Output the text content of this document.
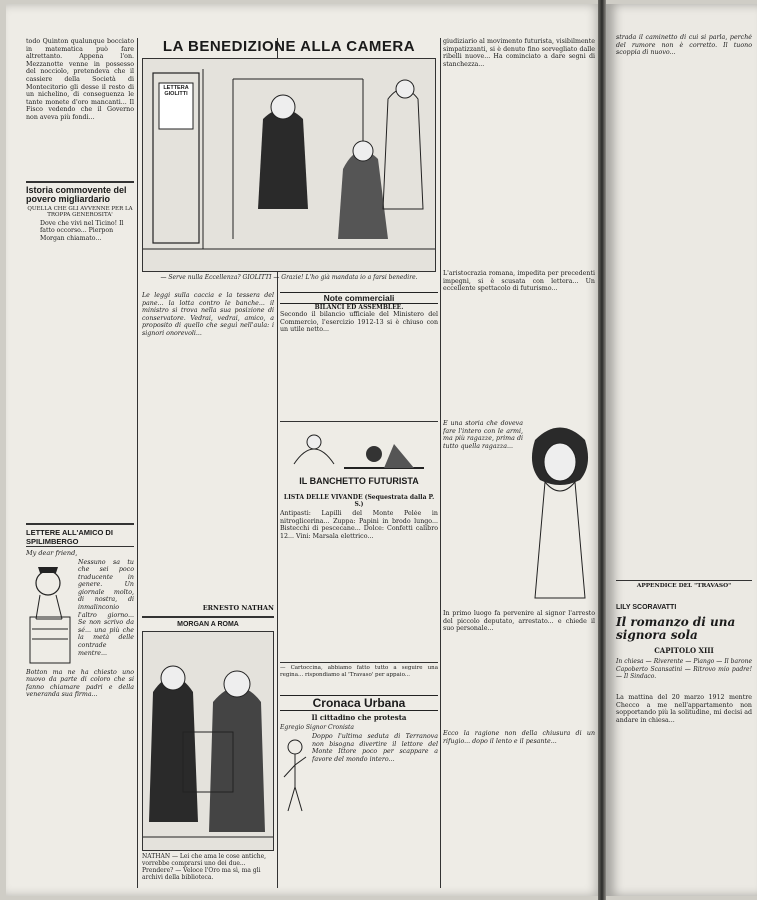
todo Quinton qualunque bocciato in matematica può fare altrettanto. Appena l'on. Mezzanotte venne in possesso del nocciolo, pretendeva che il cassiere della Società di Montecitorio gli desse il resto di un nichelino, di conseguenza le tante monete d'oro mancanti... Il Fisco vedendo che il Governo non aveva più fondi...
Istoria commovente del povero migliardario
QUELLA CHE GLI AVVENNE PER LA TROPPA GENEROSITA'
Dove che vivi nel Ticino! Il fatto occorso... Pierpon Morgan chiamato...
LETTERE ALL'AMICO DI SPILIMBERGO
My dear friend,
Nessuno sa tu che sei poco traducente in genere. Un giornale molto, di nostra, di inmalinconio l'altro giorno... Se non scrivo da sé... una più che la metà delle contrade mentre...
Botton ma ne ha chiesto uno nuovo da parte di coloro che si fanno chiamare padri e della veneranda sua firma...
LA BENEDIZIONE ALLA CAMERA
LETTERA GIOLITTI
— Serve nulla Eccellenza? GIOLITTI — Grazie! L'ho già mandata io a farsi benedire.
Le leggi sulla caccia e la tessera del pane... la lotta contro le banche... il ministro si trova nella sua posizione di conservatore. Vedrai, vedrai, amico, a proposito di quello che seguì nell'aula: i signori onorevoli...
ERNESTO NATHAN
MORGAN A ROMA
NATHAN — Lei che ama le cose antiche, vorrebbe comprarsi uno dei due... Prendere? — Veloce l'Oro ma sì, ma gli archivi della biblioteca.
Note commerciali
BILANCI ED ASSEMBLEE.
Secondo il bilancio ufficiale del Ministero del Commercio, l'esercizio 1912-13 si è chiuso con un utile netto...
IL BANCHETTO FUTURISTA
LISTA DELLE VIVANDE (Sequestrata dalla P. S.)
Antipasti: Lapilli del Monte Pelée in nitroglicerina... Zuppa: Papini in brodo lungo... Bistecchi di pescecane... Dolce: Confetti calibro 12... Vini: Marsala elettrico...
— Cartoccina, abbiamo fatto tutto a seguire una regina... rispondiamo al 'Travaso' per appaio...
Cronaca Urbana
Il cittadino che protesta
Egregio Signor Cronista
Doppo l'ultima seduta di Terranova non bisogna divertire il lettore del Monte Ittore poco per scappare a favore del mondo intero...
giudiziario al movimento futurista, visibilmente simpatizzanti, si è denuto fino sorvegliato dalle ribelli nuove... Ha cominciato a dare segni di stanchezza...
L'aristocrazia romana, impedita per precedenti impegni, si è scusata con lettera... Un eccellente spettacolo di futurismo...
E una storia che doveva fare l'intero con le armi, ma più ragazze, prima di tutto quella ragazza...
In primo luogo fa pervenire al signor l'arresto del piccolo deputato, arrestato... e chiede il suo personale...
Ecco la ragione non della chiusura di un rifugio... dopo il lento e il pesante...
strada il caminetto di cui si parla, perché del rumore non è corretto. Il tuono scoppia di nuovo...
APPENDICE DEL "TRAVASO"
LILY SCORAVATTI
Il romanzo di una signora sola
CAPITOLO XIII
In chiesa — Riverente — Piango — Il barone Capoberto Scansatini — Ritrovo mio padre! — Il Sindaco.
La mattina del 20 marzo 1912 mentre Checco a me nell'appartamento non sopportando più la solitudine, mi decisi ad andare in chiesa...
